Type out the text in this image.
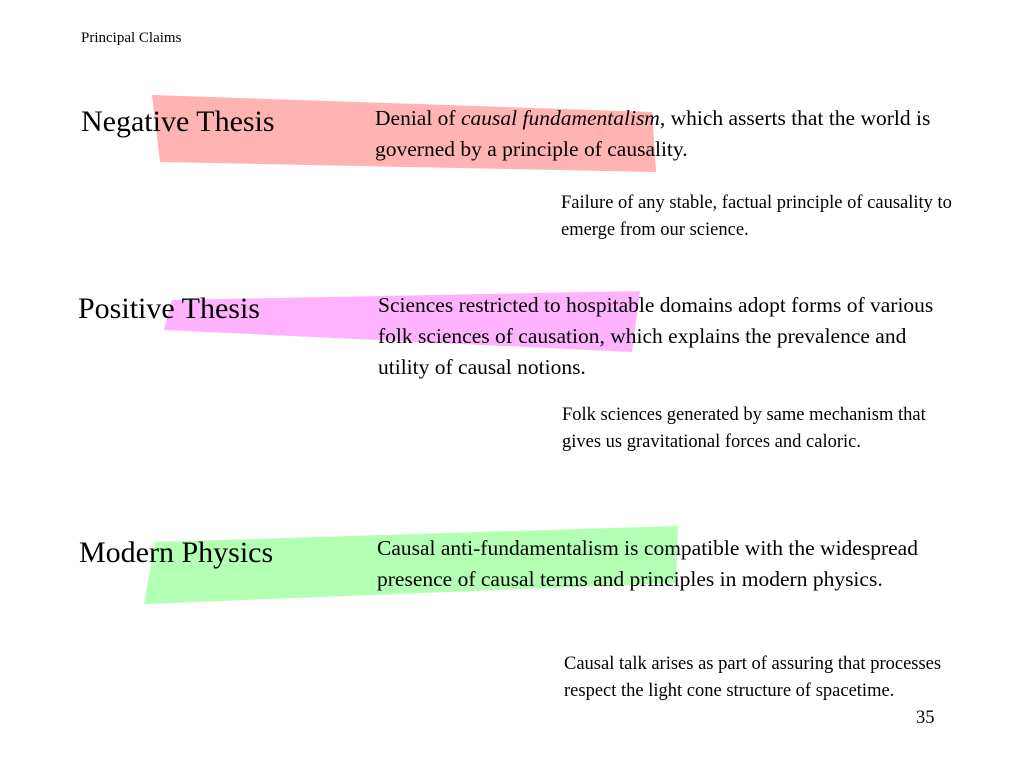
Principal Claims
Negative Thesis	Denial of causal fundamentalism, which asserts that the world is governed by a principle of causality.
Failure of any stable, factual principle of causality to emerge from our science.
Positive Thesis	Sciences restricted to hospitable domains adopt forms of various folk sciences of causation, which explains the prevalence and utility of causal notions.
Folk sciences generated by same mechanism that gives us gravitational forces and caloric.
Modern Physics	Causal anti-fundamentalism is compatible with the widespread presence of causal terms and principles in modern physics.
Causal talk arises as part of assuring that processes respect the light cone structure of spacetime.
35
